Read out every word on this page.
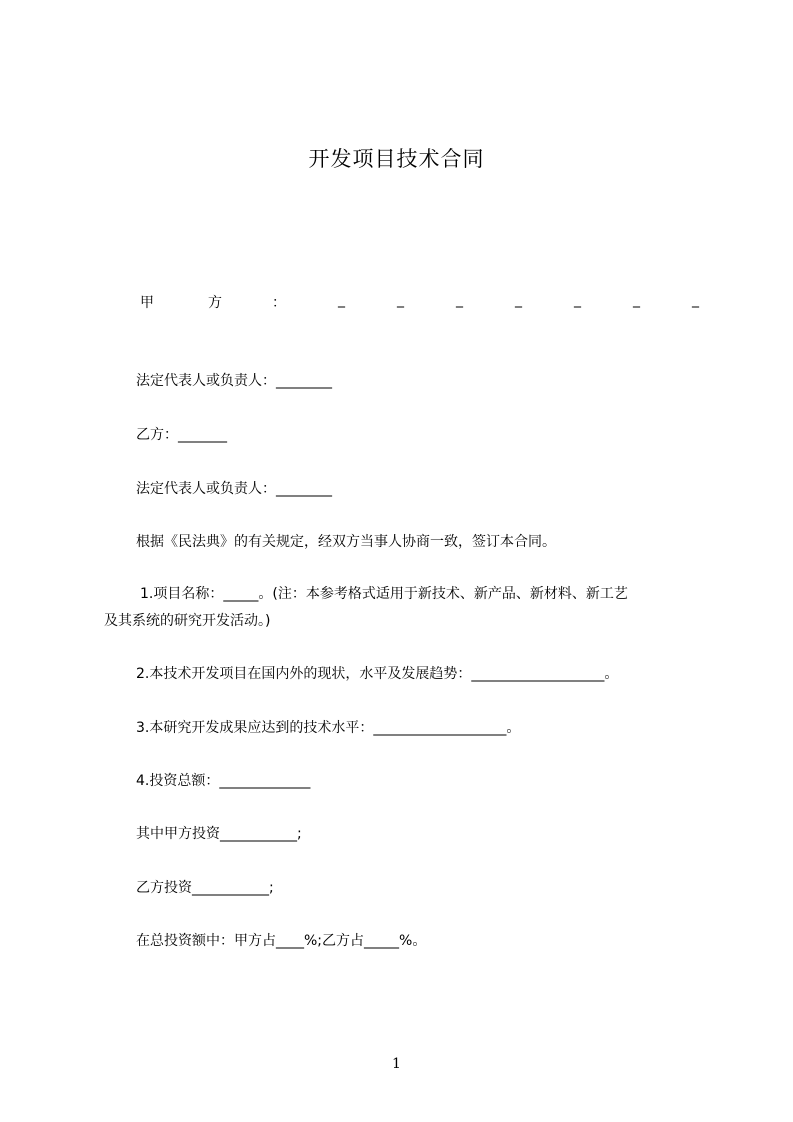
开发项目技术合同
甲	方	：	_	_	_	_	_	_	_
法定代表人或负责人：________
乙方：_______
法定代表人或负责人：________
根据《民法典》的有关规定，经双方当事人协商一致，签订本合同。
1.项目名称：_____。(注：本参考格式适用于新技术、新产品、新材料、新工艺
及其系统的研究开发活动。)
2.本技术开发项目在国内外的现状，水平及发展趋势：___________________。
3.本研究开发成果应达到的技术水平：___________________。
4.投资总额：_____________
其中甲方投资___________;
乙方投资___________;
在总投资额中：甲方占____%;乙方占_____%。
1
